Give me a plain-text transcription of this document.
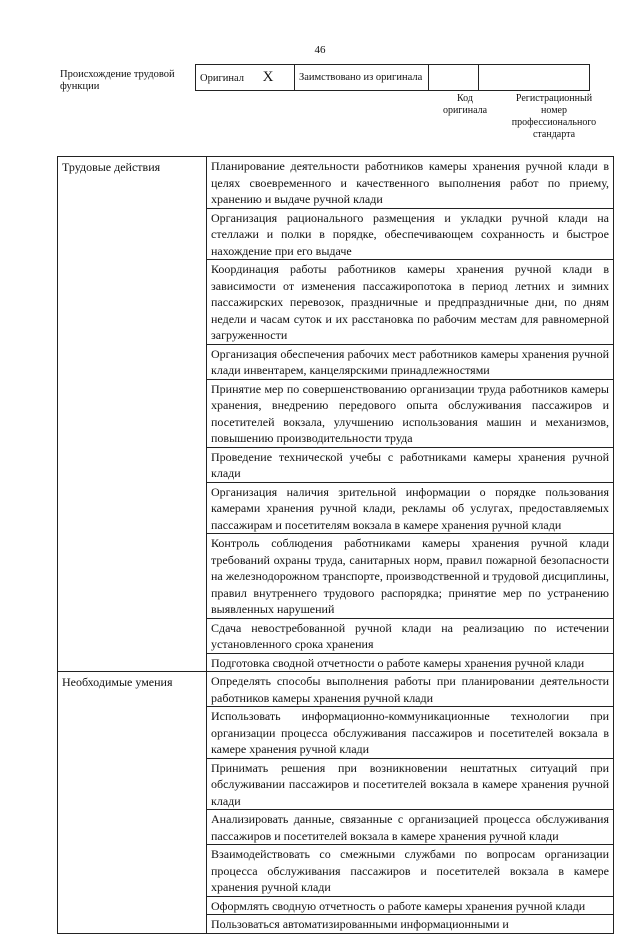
46
Происхождение трудовой функции
Оригинал X	Заимствовано из оригинала		
Код оригинала
Регистрационный номер профессионального стандарта
Трудовые действия	Планирование деятельности работников камеры хранения ручной клади в целях своевременного и качественного выполнения работ по приему, хранению и выдаче ручной клади
	Организация рационального размещения и укладки ручной клади на стеллажи и полки в порядке, обеспечивающем сохранность и быстрое нахождение при его выдаче
	Координация работы работников камеры хранения ручной клади в зависимости от изменения пассажиропотока в период летних и зимних пассажирских перевозок, праздничные и предпраздничные дни, по дням недели и часам суток и их расстановка по рабочим местам для равномерной загруженности
	Организация обеспечения рабочих мест работников камеры хранения ручной клади инвентарем, канцелярскими принадлежностями
	Принятие мер по совершенствованию организации труда работников камеры хранения, внедрению передового опыта обслуживания пассажиров и посетителей вокзала, улучшению использования машин и механизмов, повышению производительности труда
	Проведение технической учебы с работниками камеры хранения ручной клади
	Организация наличия зрительной информации о порядке пользования камерами хранения ручной клади, рекламы об услугах, предоставляемых пассажирам и посетителям вокзала в камере хранения ручной клади
	Контроль соблюдения работниками камеры хранения ручной клади требований охраны труда, санитарных норм, правил пожарной безопасности на железнодорожном транспорте, производственной и трудовой дисциплины, правил внутреннего трудового распорядка; принятие мер по устранению выявленных нарушений
	Сдача невостребованной ручной клади на реализацию по истечении установленного срока хранения
	Подготовка сводной отчетности о работе камеры хранения ручной клади
Необходимые умения	Определять способы выполнения работы при планировании деятельности работников камеры хранения ручной клади
	Использовать информационно-коммуникационные технологии при организации процесса обслуживания пассажиров и посетителей вокзала в камере хранения ручной клади
	Принимать решения при возникновении нештатных ситуаций при обслуживании пассажиров и посетителей вокзала в камере хранения ручной клади
	Анализировать данные, связанные с организацией процесса обслуживания пассажиров и посетителей вокзала в камере хранения ручной клади
	Взаимодействовать со смежными службами по вопросам организации процесса обслуживания пассажиров и посетителей вокзала в камере хранения ручной клади
	Оформлять сводную отчетность о работе камеры хранения ручной клади
	Пользоваться автоматизированными информационными и
